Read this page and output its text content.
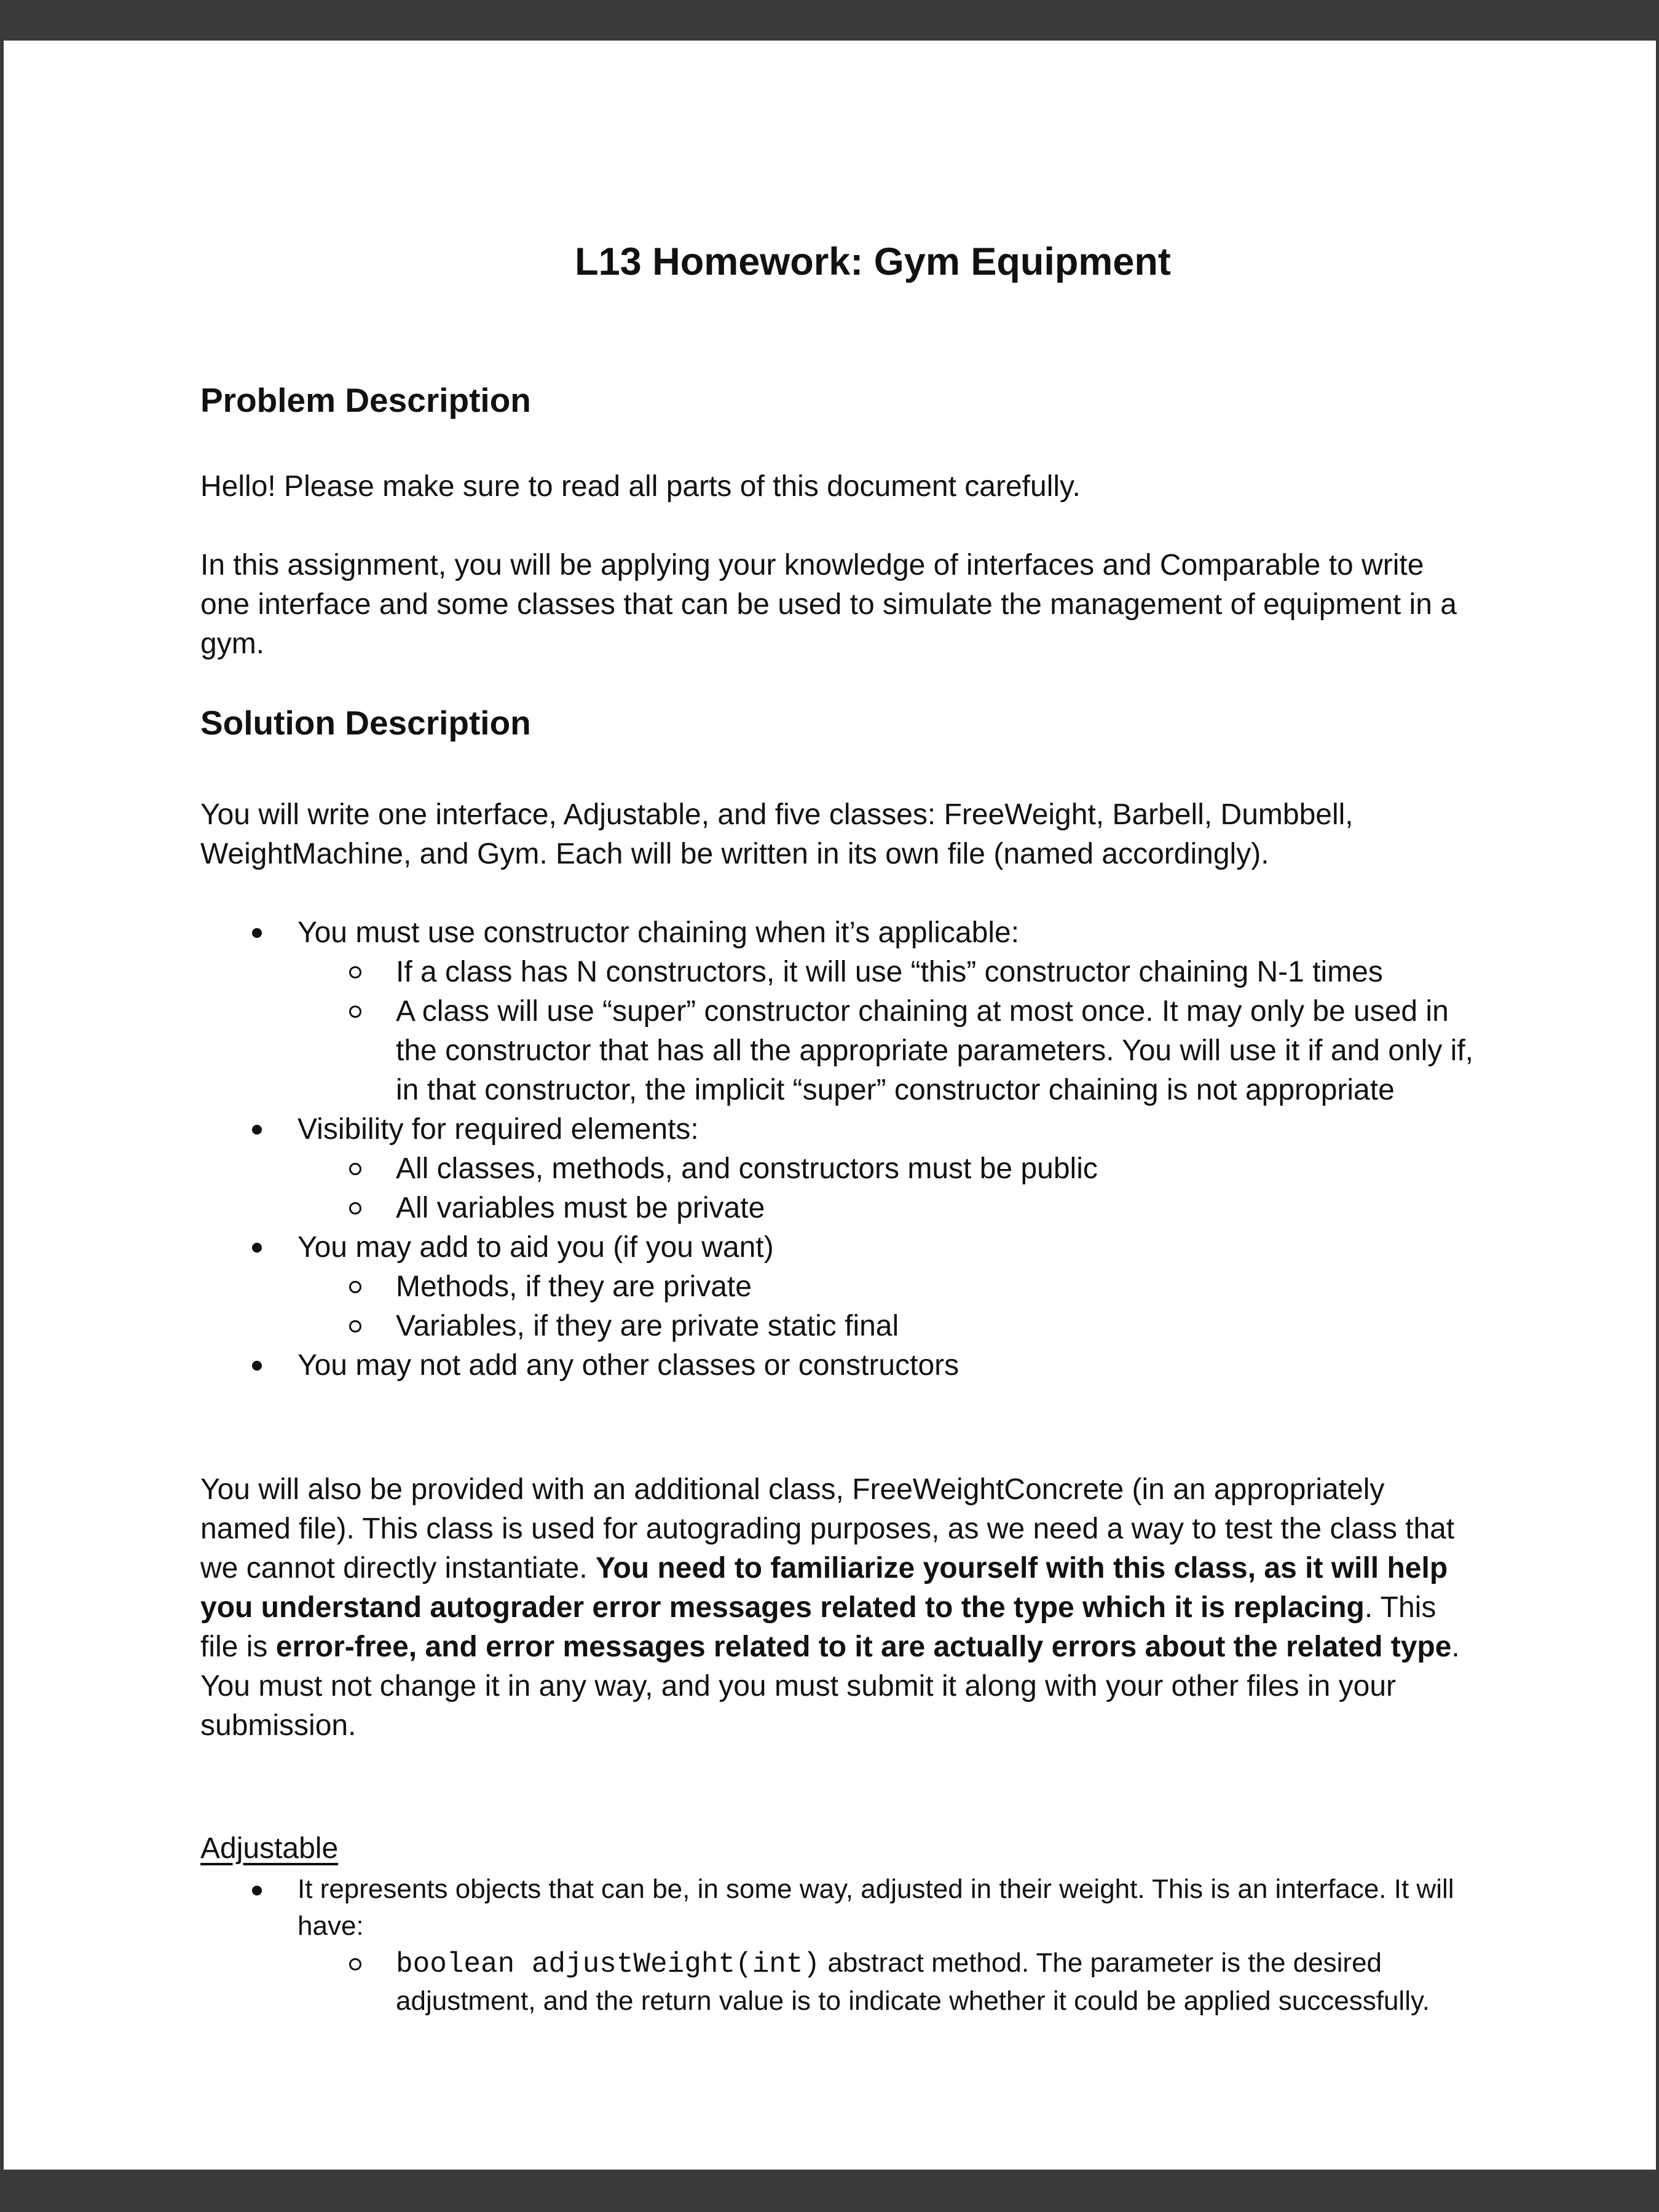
L13 Homework: Gym Equipment
Problem Description

Hello! Please make sure to read all parts of this document carefully.

In this assignment, you will be applying your knowledge of interfaces and Comparable to write one interface and some classes that can be used to simulate the management of equipment in a gym.

Solution Description

You will write one interface, Adjustable, and five classes: FreeWeight, Barbell, Dumbbell, WeightMachine, and Gym. Each will be written in its own file (named accordingly).

You must use constructor chaining when it’s applicable:
If a class has N constructors, it will use “this” constructor chaining N-1 times
A class will use “super” constructor chaining at most once. It may only be used in the constructor that has all the appropriate parameters. You will use it if and only if, in that constructor, the implicit “super” constructor chaining is not appropriate
Visibility for required elements:
All classes, methods, and constructors must be public
All variables must be private
You may add to aid you (if you want)
Methods, if they are private
Variables, if they are private static final
You may not add any other classes or constructors

You will also be provided with an additional class, FreeWeightConcrete (in an appropriately named file). This class is used for autograding purposes, as we need a way to test the class that we cannot directly instantiate. You need to familiarize yourself with this class, as it will help you understand autograder error messages related to the type which it is replacing. This file is error-free, and error messages related to it are actually errors about the related type. You must not change it in any way, and you must submit it along with your other files in your submission.

Adjustable
It represents objects that can be, in some way, adjusted in their weight. This is an interface. It will have:
boolean adjustWeight(int) abstract method. The parameter is the desired adjustment, and the return value is to indicate whether it could be applied successfully.
